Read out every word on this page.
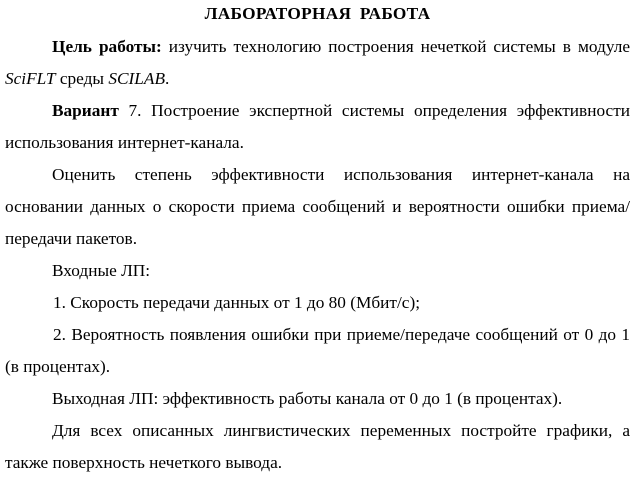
ЛАБОРАТОРНАЯ РАБОТА

Цель работы: изучить технологию построения нечеткой системы в модуле SciFLT среды SCILAB.

Вариант 7. Построение экспертной системы определения эффективности использования интернет-канала.

Оценить степень эффективности использования интернет-канала на основании данных о скорости приема сообщений и вероятности ошибки приема/передачи пакетов.

Входные ЛП:

1. Скорость передачи данных от 1 до 80 (Мбит/с);

2. Вероятность появления ошибки при приеме/передаче сообщений от 0 до 1 (в процентах).

Выходная ЛП: эффективность работы канала от 0 до 1 (в процентах).

Для всех описанных лингвистических переменных постройте графики, а также поверхность нечеткого вывода.
